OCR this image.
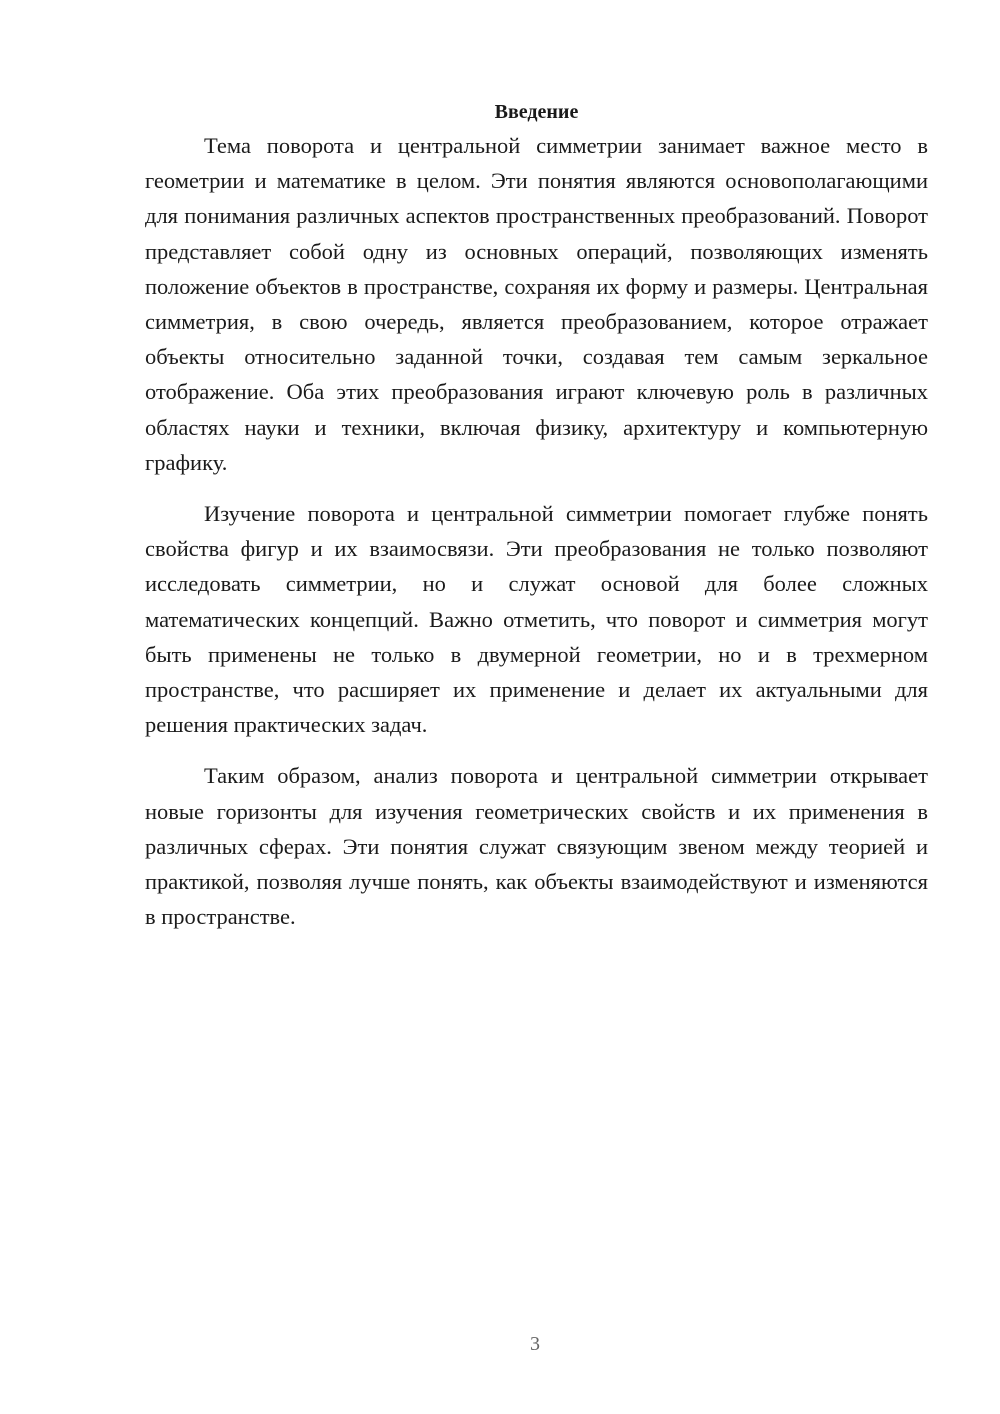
Введение

Тема поворота и центральной симметрии занимает важное место в геометрии и математике в целом. Эти понятия являются основополагающими для понимания различных аспектов пространственных преобразований. Поворот представляет собой одну из основных операций, позволяющих изменять положение объектов в пространстве, сохраняя их форму и размеры. Центральная симметрия, в свою очередь, является преобразованием, которое отражает объекты относительно заданной точки, создавая тем самым зеркальное отображение. Оба этих преобразования играют ключевую роль в различных областях науки и техники, включая физику, архитектуру и компьютерную графику.

Изучение поворота и центральной симметрии помогает глубже понять свойства фигур и их взаимосвязи. Эти преобразования не только позволяют исследовать симметрии, но и служат основой для более сложных математических концепций. Важно отметить, что поворот и симметрия могут быть применены не только в двумерной геометрии, но и в трехмерном пространстве, что расширяет их применение и делает их актуальными для решения практических задач.

Таким образом, анализ поворота и центральной симметрии открывает новые горизонты для изучения геометрических свойств и их применения в различных сферах. Эти понятия служат связующим звеном между теорией и практикой, позволяя лучше понять, как объекты взаимодействуют и изменяются в пространстве.

3
